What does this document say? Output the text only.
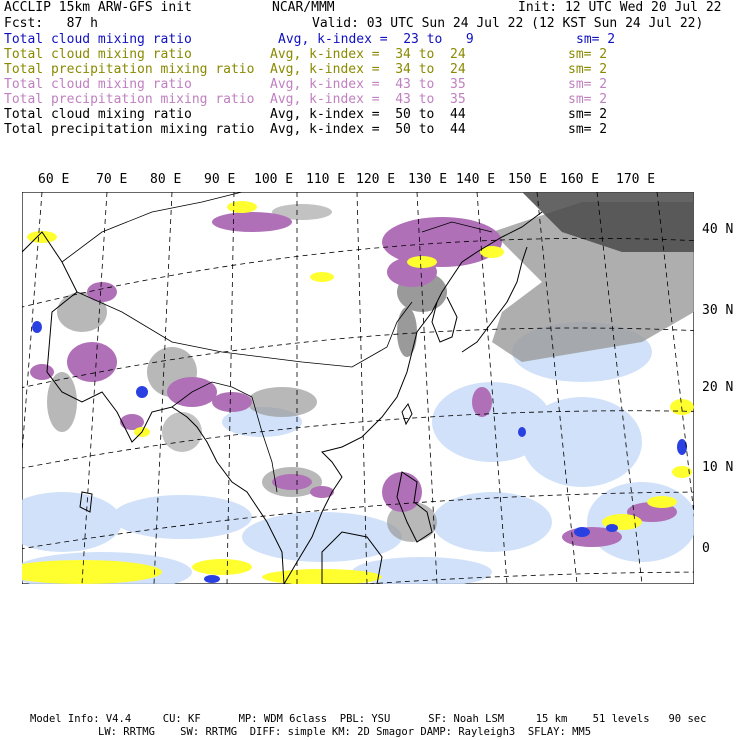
ACCLIP 15km ARW-GFS init	NCAR/MMM	Init: 12 UTC Wed 20 Jul 22
Fcst:   87 h	Valid: 03 UTC Sun 24 Jul 22 (12 KST Sun 24 Jul 22)
Total cloud mixing ratio	Avg, k-index =  23 to   9	sm= 2
Total cloud mixing ratio	Avg, k-index =  34 to  24	sm= 2
Total precipitation mixing ratio Avg, k-index =  34 to  24	sm= 2
Total cloud mixing ratio	Avg, k-index =  43 to  35	sm= 2
Total precipitation mixing ratio Avg, k-index =  43 to  35	sm= 2
Total cloud mixing ratio	Avg, k-index =  50 to  44	sm= 2
Total precipitation mixing ratio Avg, k-index =  50 to  44	sm= 2
60 E 70 E 80 E 90 E 100 E 110 E 120 E 130 E 140 E 150 E 160 E 170 E
40 N
30 N
20 N
10 N
0
Model Info: V4.4     CU: KF      MP: WDM 6class  PBL: YSU      SF: Noah LSM     15 km    51 levels   90 sec
LW: RRTMG    SW: RRTMG  DIFF: simple KM: 2D Smagor DAMP: Rayleigh3  SFLAY: MM5
